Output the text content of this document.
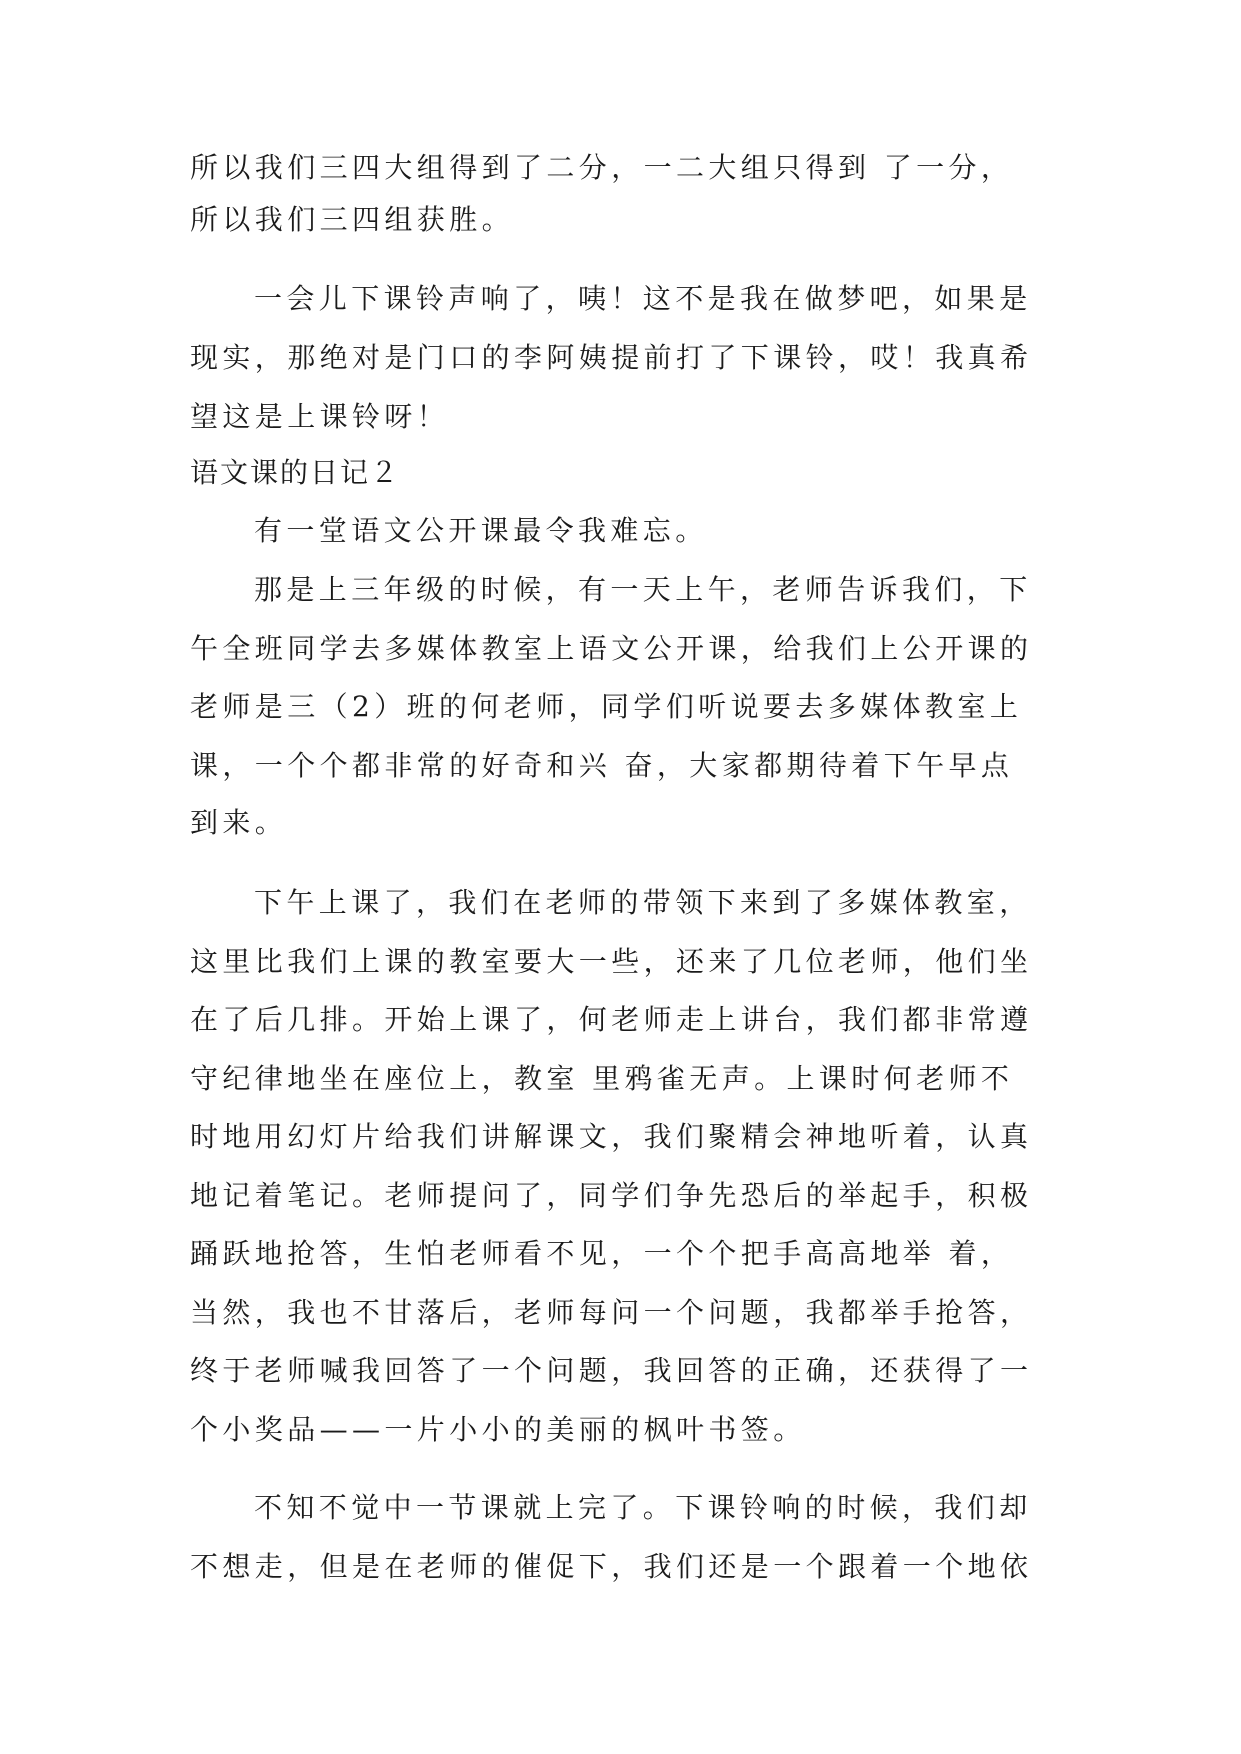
所以我们三四大组得到了二分，一二大组只得到 了一分，
所以我们三四组获胜。
一会儿下课铃声响了，咦！这不是我在做梦吧，如果是
现实，那绝对是门口的李阿姨提前打了下课铃，哎！我真希
望这是上课铃呀！
语文课的日记２
有一堂语文公开课最令我难忘。
那是上三年级的时候，有一天上午，老师告诉我们，下
午全班同学去多媒体教室上语文公开课，给我们上公开课的
老师是三（2）班的何老师，同学们听说要去多媒体教室上
课，一个个都非常的好奇和兴 奋，大家都期待着下午早点
到来。
下午上课了，我们在老师的带领下来到了多媒体教室，
这里比我们上课的教室要大一些，还来了几位老师，他们坐
在了后几排。开始上课了，何老师走上讲台，我们都非常遵
守纪律地坐在座位上，教室 里鸦雀无声。上课时何老师不
时地用幻灯片给我们讲解课文，我们聚精会神地听着，认真
地记着笔记。老师提问了，同学们争先恐后的举起手，积极
踊跃地抢答，生怕老师看不见，一个个把手高高地举 着，
当然，我也不甘落后，老师每问一个问题，我都举手抢答，
终于老师喊我回答了一个问题，我回答的正确，还获得了一
个小奖品——一片小小的美丽的枫叶书签。
不知不觉中一节课就上完了。下课铃响的时候，我们却
不想走，但是在老师的催促下，我们还是一个跟着一个地依
